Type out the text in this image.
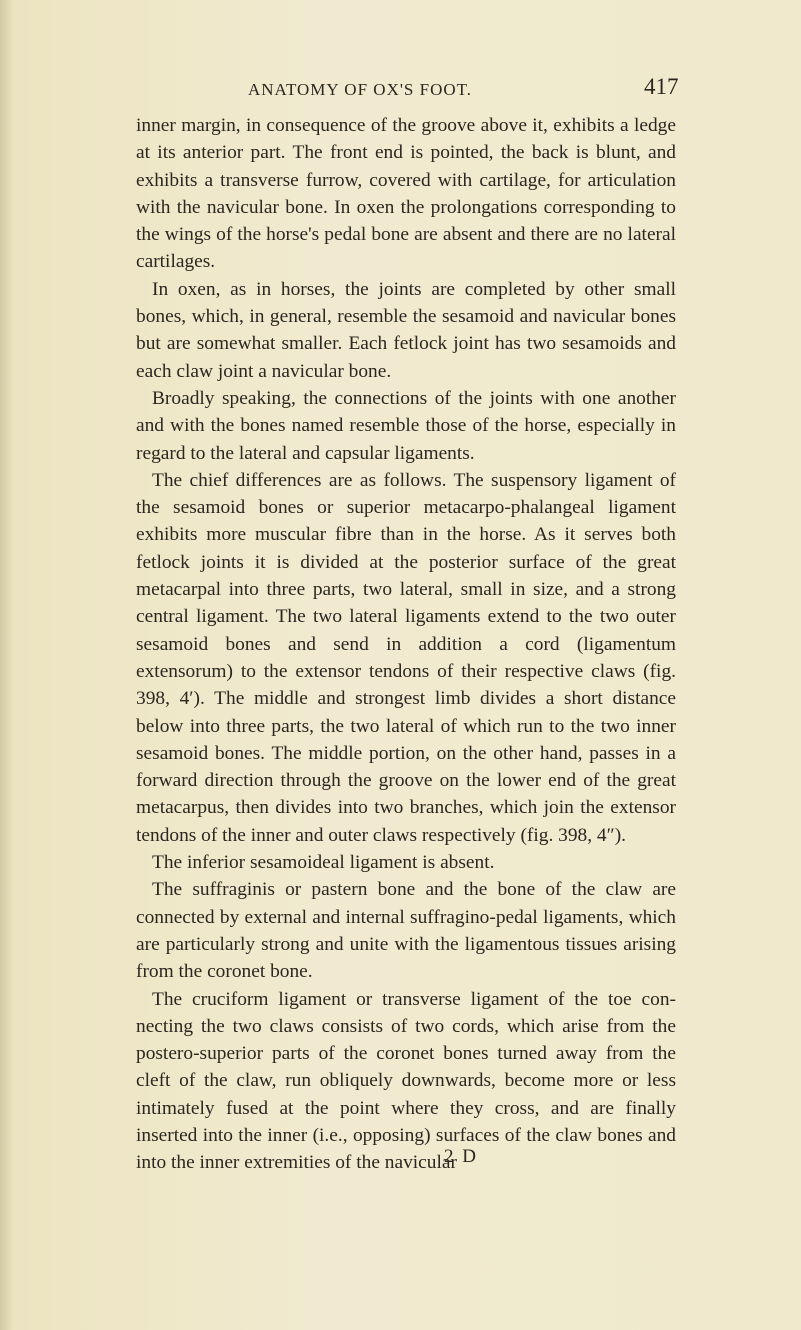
ANATOMY OF OX'S FOOT.	417

inner margin, in consequence of the groove above it, exhibits a ledge at its anterior part. The front end is pointed, the back is blunt, and exhibits a transverse furrow, covered with cartilage, for articulation with the navicular bone. In oxen the prolongations corresponding to the wings of the horse's pedal bone are absent and there are no lateral cartilages.

In oxen, as in horses, the joints are completed by other small bones, which, in general, resemble the sesamoid and navicular bones but are somewhat smaller. Each fetlock joint has two sesamoids and each claw joint a navicular bone.

Broadly speaking, the connections of the joints with one another and with the bones named resemble those of the horse, especially in regard to the lateral and capsular ligaments.

The chief differences are as follows. The suspensory ligament of the sesamoid bones or superior metacarpo-phalangeal ligament exhibits more muscular fibre than in the horse. As it serves both fetlock joints it is divided at the posterior surface of the great metacarpal into three parts, two lateral, small in size, and a strong central ligament. The two lateral ligaments extend to the two outer sesamoid bones and send in addition a cord (ligamentum extensorum) to the extensor tendons of their respective claws (fig. 398, 4′). The middle and strongest limb divides a short distance below into three parts, the two lateral of which run to the two inner sesamoid bones. The middle portion, on the other hand, passes in a forward direction through the groove on the lower end of the great metacarpus, then divides into two branches, which join the extensor tendons of the inner and outer claws respectively (fig. 398, 4″).

The inferior sesamoideal ligament is absent.

The suffraginis or pastern bone and the bone of the claw are connected by external and internal suffragino-pedal ligaments, which are particularly strong and unite with the ligamentous tissues arising from the coronet bone.

The cruciform ligament or transverse ligament of the toe connecting the two claws consists of two cords, which arise from the postero-superior parts of the coronet bones turned away from the cleft of the claw, run obliquely downwards, become more or less intimately fused at the point where they cross, and are finally inserted into the inner (i.e., opposing) surfaces of the claw bones and into the inner extremities of the navicular

2 D
